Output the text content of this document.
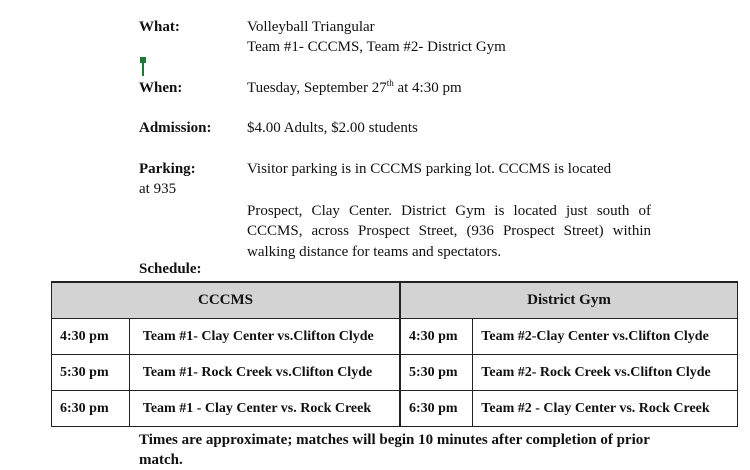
What:	Volleyball Triangular
Team #1- CCCMS, Team #2- District Gym
When:	Tuesday, September 27th at 4:30 pm
Admission: $4.00 Adults, $2.00 students
Parking:	Visitor parking is in CCCMS parking lot. CCCMS is located
at 935
Prospect, Clay Center. District Gym is located just south of CCCMS, across Prospect Street, (936 Prospect Street) within walking distance for teams and spectators.
Schedule:
CCCMS		District Gym	
4:30 pm	Team #1- Clay Center vs.Clifton Clyde	4:30 pm	Team #2-Clay Center vs.Clifton Clyde
5:30 pm	Team #1- Rock Creek vs.Clifton Clyde	5:30 pm	Team #2- Rock Creek vs.Clifton Clyde
6:30 pm	Team #1 - Clay Center vs. Rock Creek	6:30 pm	Team #2 - Clay Center vs. Rock Creek
Times are approximate; matches will begin 10 minutes after completion of prior match.
